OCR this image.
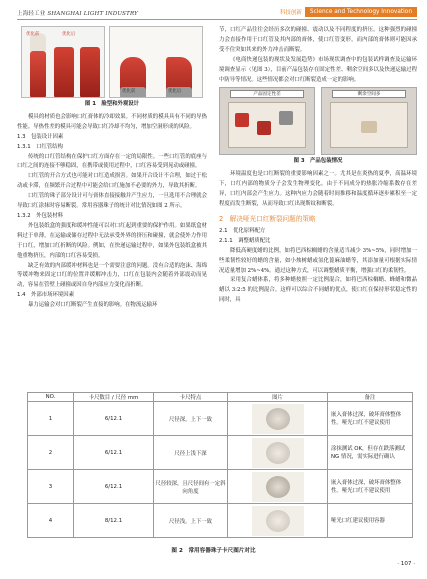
上海轻工业 SHANGHAI LIGHT INDUSTRY	科技创新	Science and Technology Innovation
优化前	优化后
优化前	优化后
图 1　脸型和外观设计

模具的材质也会影响口红膏体的冷却效果。不同材质的模具具有不同的导热性能。导热性差的模具可能会导致口红冷却不均匀，增加空洞形成的风险。

1.3　包装设计因素

1.3.1　口红管结构

传统的口红管结构在保护口红方面存在一定的局限性。一些口红管的底座与口红之间的连接不够稳固，在携带或使用过程中，口红容易受到晃动或碰撞。

口红管的开合方式也可能对口红造成损害。如果开合设计不合理，如过于松动或卡滞，在频繁开合过程中可能会给口红施加不必要的外力，导致其折断。

口红管的珠子部分设计可与膏体直接接触并产生应力，一旦选用不合理就会导致口红涂抹时容易断裂。常用容器珠子的统计对比情况如图 2 所示。

1.3.2　外包装材料

外包装纸盒的强度和缓冲性能可以对口红起到重要的保护作用。如果纸盒材料过于单薄，在运输或储存过程中无法承受外界的挤压和碰撞，就会使外力作用于口红，增加口红折断的风险。例如，在快递运输过程中，如果外包装纸盒被其他重物挤压，内部的口红容易受损。

缺乏有效的内部缓冲材料也是一个需要注意的问题。没有合适的泡沫、海绵等缓冲物来固定口红的位置并缓解冲击力，口红在包装内会随着外部震动而晃动，容易在管壁上碰撞或因自身内部应力变化而折断。

1.4　外部市场环境因素

暴力运输会对口红断裂产生直接的影响。在物流运输环

节，口红产品往往会经历多次的碰撞、震动以及不同程度的挤压。这种强烈的碰撞力会直接作用于口红管及其内部的膏体，使口红管变形，而内部的膏体则可能因承受不住突如其来的外力冲击而断裂。

《电商快递包装的现状及发展趋势》市场现状调查中的包装试样调查及运输环境调查显示（见图 3），目前产品包装存在固定性差、剩余空间多以及快递运输过程中防导等情况。这些情况都会对口红断裂造成一定的影响。

产品固定性差	剩余空间多
图 3　产品包装情况

环境温度也是口红断裂的重要影响因素之一。尤其是在炎热的夏季，高温环境下，口红内部的物质分子会发生物理变化。由于不同成分的热胀冷缩系数存在差异，口红内部会产生应力。这种内应力会随着时间推移和温度循环逐步累积至一定程度而发生断裂，从而导致口红出现斯纹和断裂。

2　解决哑光口红断裂问题的策略

2.1　优化原料配方

2.1.1　调整蜡质配比

降低高硬度蜡的比例，如将巴西棕榈蜡的含量适当减少 3%~5%，同时增加一些柔韧性较好的蜡的含量，如小烛树蜡或氢化蓖麻油蜡等，其添加量可根据实际情况适量增加 2%~4%。通过这种方式，可以调整蜡质平衡，增强口红的柔韧性。

采用复合蜡体系，将多种蜡按照一定比例混合，如将巴西棕榈蜡、蜂蜡和微晶蜡以 3:2:5 的比例混合。这样可以综合不同蜡的优点，使口红在保持形状稳定性的同时，具

NO.	卡尺数目 / 尺径 mm	卡尺特点	图片	备注
1	6/12.1	尺径深，上下一致		嵌入膏体过深，破坏膏体整体性。哑光口红不建议使用
2	6/12.1	尺径上浅下深		涂抹测试 OK，但存在跌落测试 NG 情况，需实际进行确认
3	6/12.1	尺径较深，且尺径间有一定斜向角度		嵌入膏体过深，破坏膏体整体性。哑光口红不建议使用
4	8/12.1	尺径浅，上下一致		哑光口红建议使用容器
图 2　常用容器珠子卡尺图片对比
· 107 ·
